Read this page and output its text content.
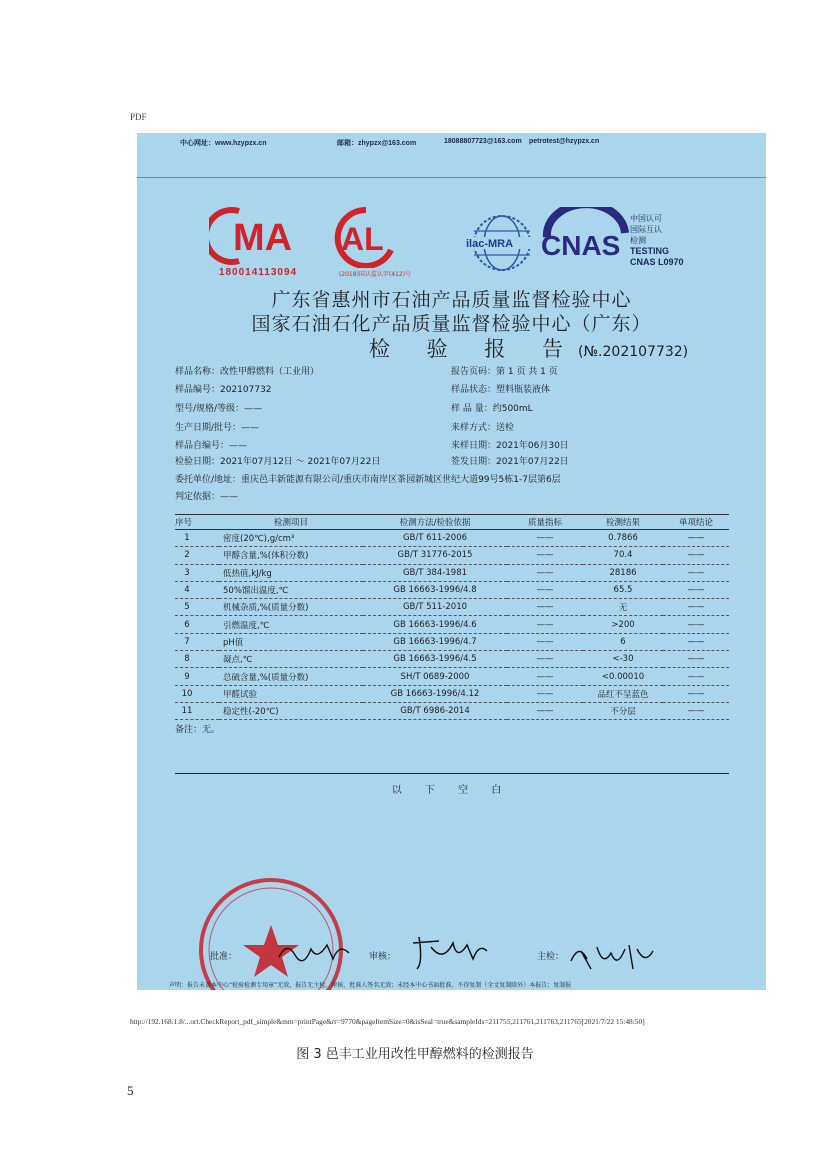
PDF
中心网址：www.hzypzx.cn	邮箱：zhypzx@163.com	18088807723@163.com petrotest@hzypzx.cn
MA
180014113094
AL
(2018)国认监认字(412)号
ilac-MRA CNAS
中国认可
国际互认
检测
TESTING
CNAS L0970
广东省惠州市石油产品质量监督检验中心
国家石油石化产品质量监督检验中心（广东）
检 验 报 告(№.202107732)
样品名称：改性甲醇燃料（工业用）
样品编号：202107732
型号/规格/等级：——
生产日期/批号：——
样品自编号：——
检验日期：2021年07月12日 ～ 2021年07月22日
委托单位/地址：重庆邑丰新能源有限公司/重庆市南岸区茶园新城区世纪大道99号5栋1-7层第6层
判定依据：——
报告页码：第 1 页 共 1 页
样品状态：塑料瓶装液体
样 品 量：约500mL
来样方式：送检
来样日期：2021年06月30日
签发日期：2021年07月22日
序号	检测项目	检测方法/检验依据	质量指标	检测结果	单项结论
1	密度(20℃),g/cm³	GB/T 611-2006	——	0.7866	——
2	甲醇含量,%(体积分数)	GB/T 31776-2015	——	70.4	——
3	低热值,kJ/kg	GB/T 384-1981	——	28186	——
4	50%馏出温度,℃	GB 16663-1996/4.8	——	65.5	——
5	机械杂质,%(质量分数)	GB/T 511-2010	——	无	——
6	引燃温度,℃	GB 16663-1996/4.6	——	>200	——
7	pH值	GB 16663-1996/4.7	——	6	——
8	凝点,℃	GB 16663-1996/4.5	——	<-30	——
9	总硫含量,%(质量分数)	SH/T 0689-2000	——	<0.00010	——
10	甲醛试验	GB 16663-1996/4.12	——	品红不呈蓝色	——
11	稳定性(-20℃)	GB/T 6986-2014	——	不分层	——
备注：无。
以 下 空 白
批准：	审核：	主检：
声明：报告未盖本中心“检验检测专用章”无效，报告无主检、审核、批准人签名无效；未经本中心书面批准，不得复制（全文复制除外）本报告；复制报
http://192.168.1.8/...ort.CheckReport_pdf_simple&mm=printPage&rr=9770&pageItemSize=0&isSeal=true&sampleIds=211755,211761,211763,211765[2021/7/22 15:48:50]
图 3 邑丰工业用改性甲醇燃料的检测报告
5
